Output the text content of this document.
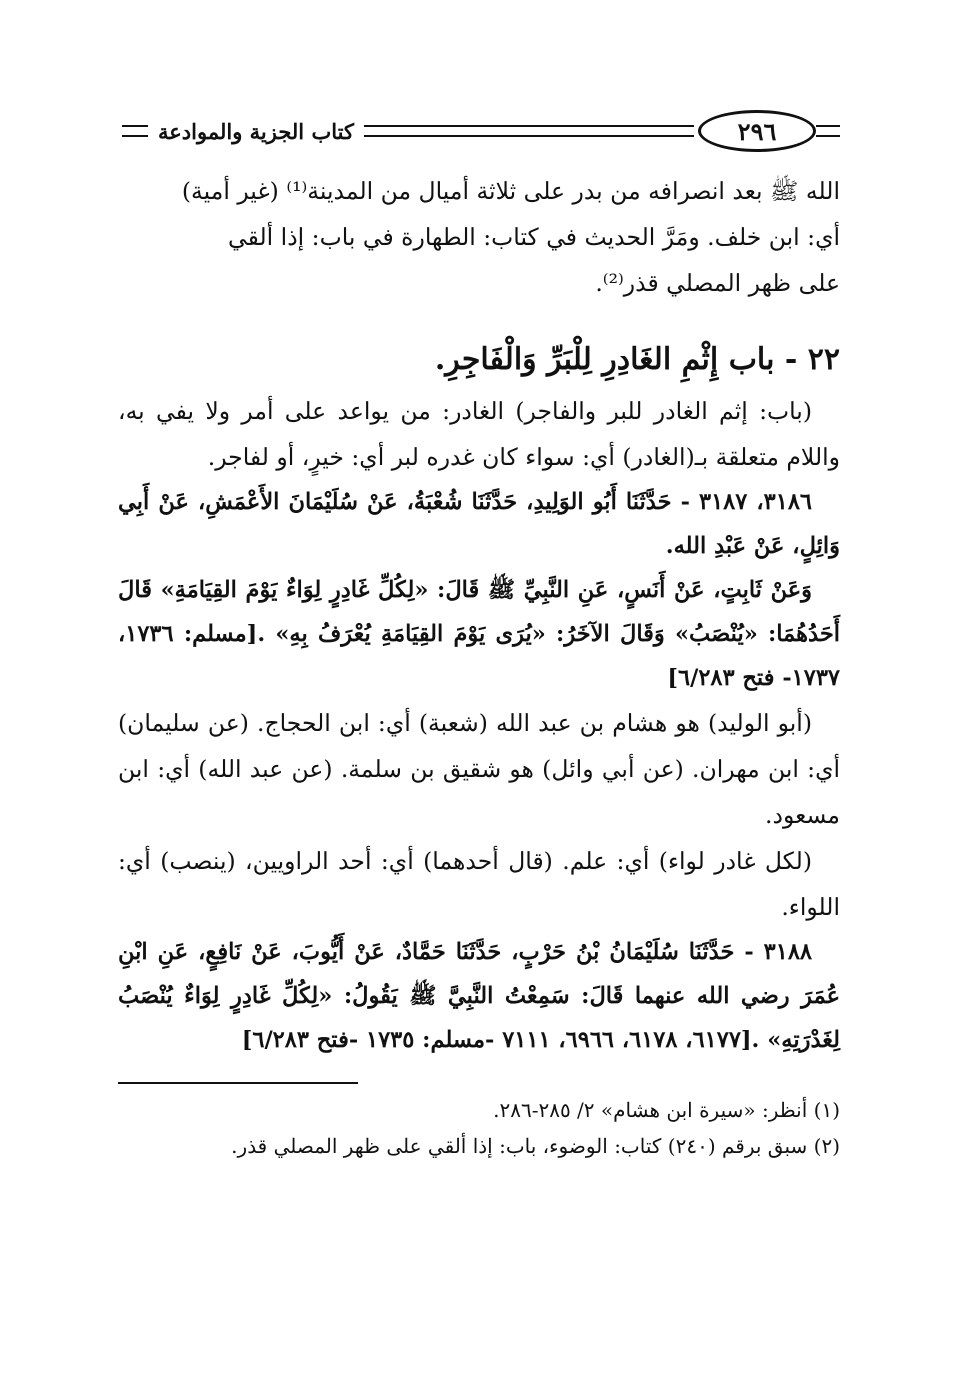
٢٩٦
كتاب الجزية والموادعة

الله ﷺ بعد انصرافه من بدر على ثلاثة أميال من المدينة⁽¹⁾ (غير أمية)

أي: ابن خلف. ومَرَّ الحديث في كتاب: الطهارة في باب: إذا ألقي

على ظهر المصلي قذر⁽²⁾.

٢٢ - باب إِثْمِ الغَادِرِ لِلْبَرِّ وَالْفَاجِرِ.

(باب: إثم الغادر للبر والفاجر) الغادر: من يواعد على أمر ولا يفي به، واللام متعلقة بـ(الغادر) أي: سواء كان غدره لبر أي: خيرٍ، أو لفاجر.

٣١٨٦، ٣١٨٧ - حَدَّثَنَا أَبُو الوَلِيدِ، حَدَّثَنَا شُعْبَةُ، عَنْ سُلَيْمَانَ الأَعْمَشِ، عَنْ أَبِي وَائِلٍ، عَنْ عَبْدِ الله.

وَعَنْ ثَابِتٍ، عَنْ أَنَسٍ، عَنِ النَّبِيِّ ﷺ قَالَ: «لِكُلِّ غَادِرٍ لِوَاءٌ يَوْمَ القِيَامَةِ» قَالَ أَحَدُهُمَا: «يُنْصَبُ» وَقَالَ الآخَرُ: «يُرَى يَوْمَ القِيَامَةِ يُعْرَفُ بِهِ» .[مسلم: ١٧٣٦، ١٧٣٧- فتح ٦/٢٨٣]

(أبو الوليد) هو هشام بن عبد الله (شعبة) أي: ابن الحجاج. (عن سليمان) أي: ابن مهران. (عن أبي وائل) هو شقيق بن سلمة. (عن عبد الله) أي: ابن مسعود.

(لكل غادر لواء) أي: علم. (قال أحدهما) أي: أحد الراويين، (ينصب) أي: اللواء.

٣١٨٨ - حَدَّثَنَا سُلَيْمَانُ بْنُ حَرْبٍ، حَدَّثَنَا حَمَّادٌ، عَنْ أَيُّوبَ، عَنْ نَافِعٍ، عَنِ ابْنِ عُمَرَ رضي الله عنهما قَالَ: سَمِعْتُ النَّبِيَّ ﷺ يَقُولُ: «لِكُلِّ غَادِرٍ لِوَاءٌ يُنْصَبُ لِغَدْرَتِهِ» .[٦١٧٧، ٦١٧٨، ٦٩٦٦، ٧١١١ -مسلم: ١٧٣٥ -فتح ٦/٢٨٣]

(١) أنظر: «سيرة ابن هشام» ٢/ ٢٨٥-٢٨٦.

(٢) سبق برقم (٢٤٠) كتاب: الوضوء، باب: إذا ألقي على ظهر المصلي قذر.
